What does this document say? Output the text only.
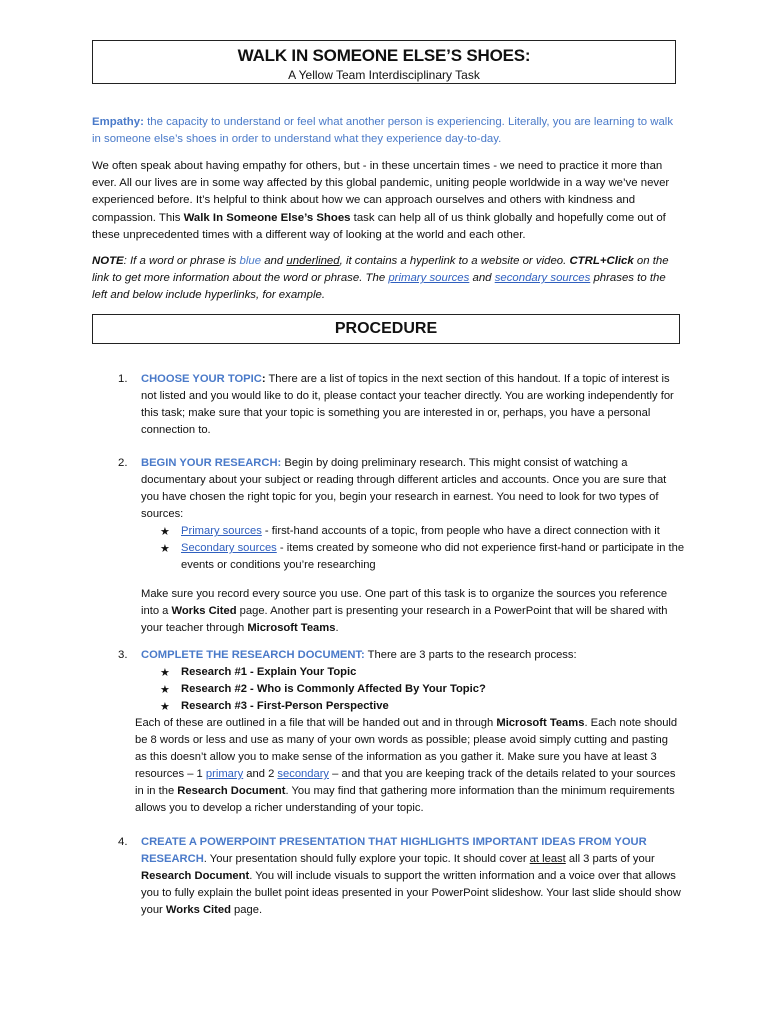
WALK IN SOMEONE ELSE’S SHOES:
A Yellow Team Interdisciplinary Task
Empathy: the capacity to understand or feel what another person is experiencing. Literally, you are learning to walk in someone else’s shoes in order to understand what they experience day-to-day.
We often speak about having empathy for others, but - in these uncertain times - we need to practice it more than ever. All our lives are in some way affected by this global pandemic, uniting people worldwide in a way we’ve never experienced before. It’s helpful to think about how we can approach ourselves and others with kindness and compassion. This Walk In Someone Else’s Shoes task can help all of us think globally and hopefully come out of these unprecedented times with a different way of looking at the world and each other.
NOTE: If a word or phrase is blue and underlined, it contains a hyperlink to a website or video. CTRL+Click on the link to get more information about the word or phrase. The primary sources and secondary sources phrases to the left and below include hyperlinks, for example.
PROCEDURE
1. CHOOSE YOUR TOPIC: There are a list of topics in the next section of this handout. If a topic of interest is not listed and you would like to do it, please contact your teacher directly. You are working independently for this task; make sure that your topic is something you are interested in or, perhaps, you have a personal connection to.
2. BEGIN YOUR RESEARCH: Begin by doing preliminary research. This might consist of watching a documentary about your subject or reading through different articles and accounts. Once you are sure that you have chosen the right topic for you, begin your research in earnest. You need to look for two types of sources:
★ Primary sources - first-hand accounts of a topic, from people who have a direct connection with it
★ Secondary sources - items created by someone who did not experience first-hand or participate in the events or conditions you’re researching
Make sure you record every source you use. One part of this task is to organize the sources you reference into a Works Cited page. Another part is presenting your research in a PowerPoint that will be shared with your teacher through Microsoft Teams.
3. COMPLETE THE RESEARCH DOCUMENT: There are 3 parts to the research process:
★ Research #1 - Explain Your Topic
★ Research #2 - Who is Commonly Affected By Your Topic?
★ Research #3 - First-Person Perspective
Each of these are outlined in a file that will be handed out and in through Microsoft Teams. Each note should be 8 words or less and use as many of your own words as possible; please avoid simply cutting and pasting as this doesn’t allow you to make sense of the information as you gather it. Make sure you have at least 3 resources – 1 primary and 2 secondary – and that you are keeping track of the details related to your sources in in the Research Document. You may find that gathering more information than the minimum requirements allows you to develop a richer understanding of your topic.
4. CREATE A POWERPOINT PRESENTATION THAT HIGHLIGHTS IMPORTANT IDEAS FROM YOUR RESEARCH. Your presentation should fully explore your topic. It should cover at least all 3 parts of your Research Document. You will include visuals to support the written information and a voice over that allows you to fully explain the bullet point ideas presented in your PowerPoint slideshow. Your last slide should show your Works Cited page.
